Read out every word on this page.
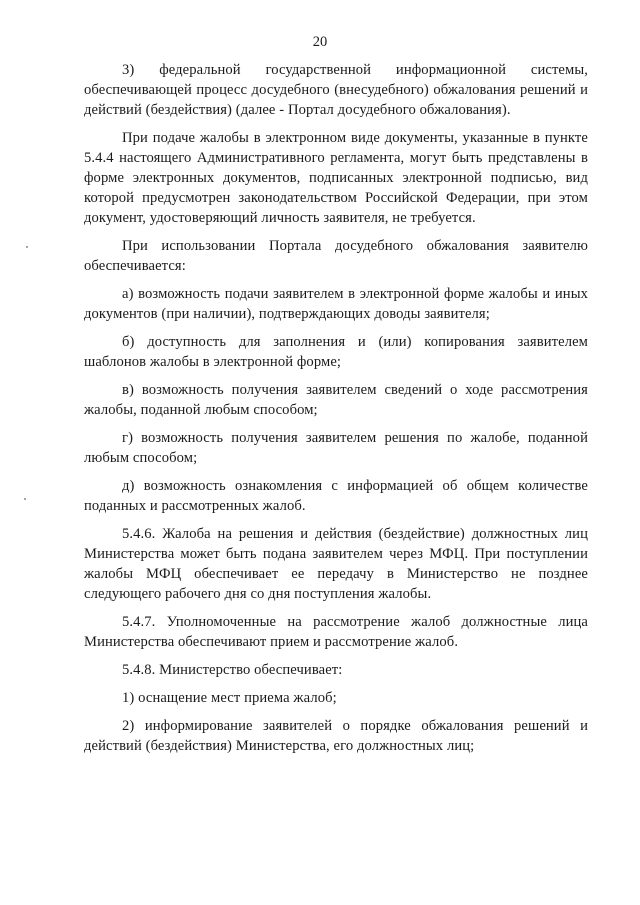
20

3) федеральной государственной информационной системы, обеспечивающей процесс досудебного (внесудебного) обжалования решений и действий (бездействия) (далее - Портал досудебного обжалования).

При подаче жалобы в электронном виде документы, указанные в пункте 5.4.4 настоящего Административного регламента, могут быть представлены в форме электронных документов, подписанных электронной подписью, вид которой предусмотрен законодательством Российской Федерации, при этом документ, удостоверяющий личность заявителя, не требуется.

При использовании Портала досудебного обжалования заявителю обеспечивается:

а) возможность подачи заявителем в электронной форме жалобы и иных документов (при наличии), подтверждающих доводы заявителя;

б) доступность для заполнения и (или) копирования заявителем шаблонов жалобы в электронной форме;

в) возможность получения заявителем сведений о ходе рассмотрения жалобы, поданной любым способом;

г) возможность получения заявителем решения по жалобе, поданной любым способом;

д) возможность ознакомления с информацией об общем количестве поданных и рассмотренных жалоб.

5.4.6. Жалоба на решения и действия (бездействие) должностных лиц Министерства может быть подана заявителем через МФЦ. При поступлении жалобы МФЦ обеспечивает ее передачу в Министерство не позднее следующего рабочего дня со дня поступления жалобы.

5.4.7. Уполномоченные на рассмотрение жалоб должностные лица Министерства обеспечивают прием и рассмотрение жалоб.

5.4.8. Министерство обеспечивает:

1) оснащение мест приема жалоб;

2) информирование заявителей о порядке обжалования решений и действий (бездействия) Министерства, его должностных лиц;
